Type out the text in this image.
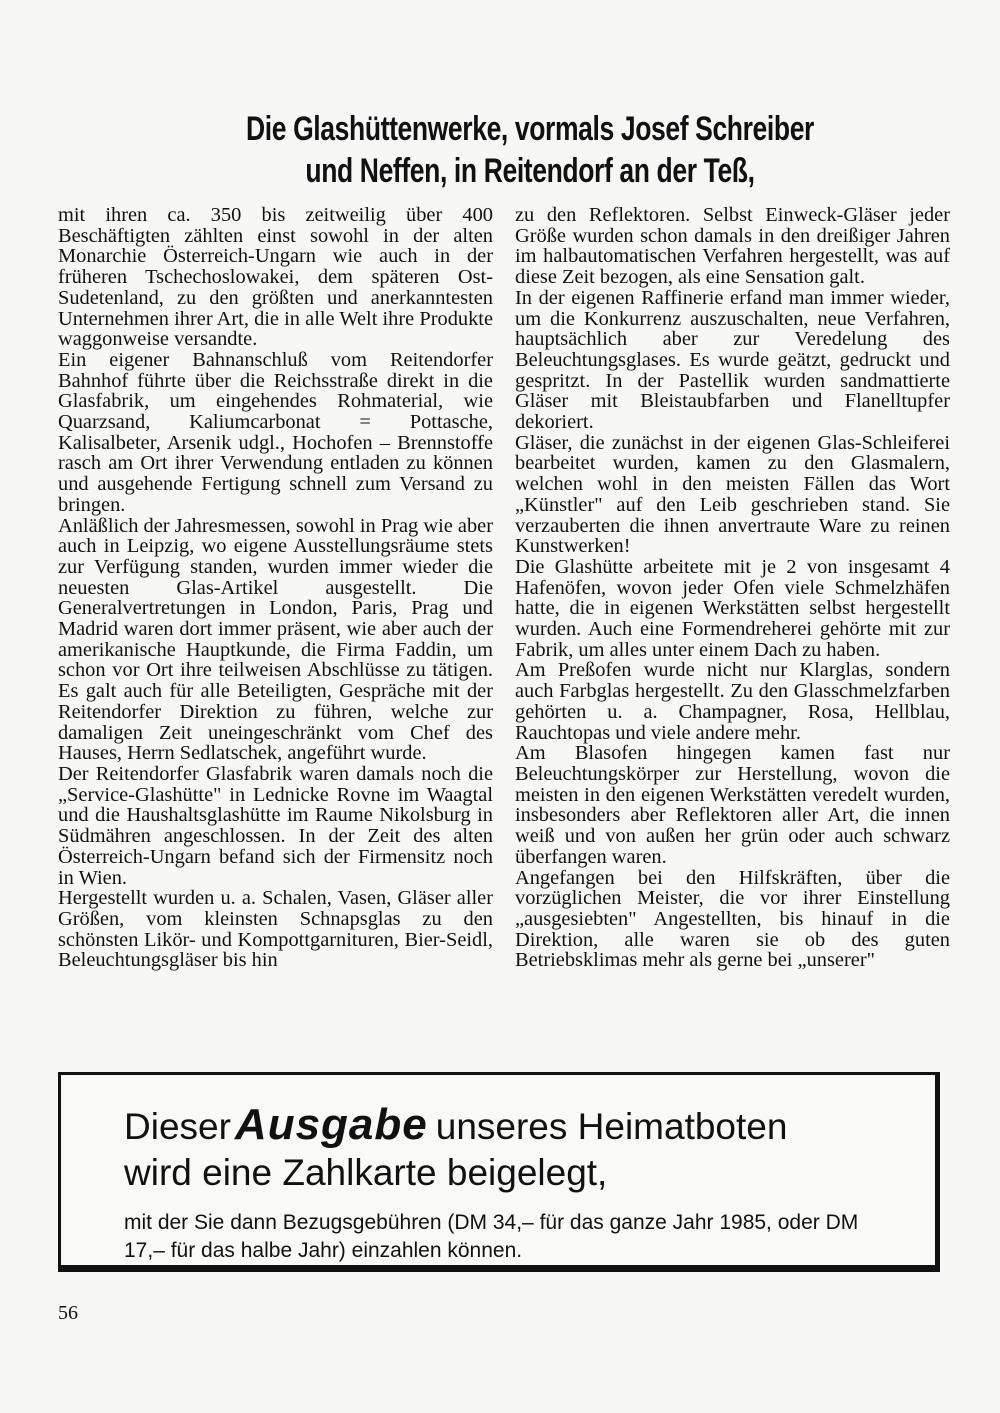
Die Glashüttenwerke, vormals Josef Schreiber
und Neffen, in Reitendorf an der Teß,

mit ihren ca. 350 bis zeitweilig über 400 Beschäftigten zählten einst sowohl in der alten Monarchie Österreich-Ungarn wie auch in der früheren Tschechoslowakei, dem späteren Ost-Sudetenland, zu den größten und anerkanntesten Unternehmen ihrer Art, die in alle Welt ihre Produkte waggonweise versandte.

Ein eigener Bahnanschluß vom Reitendorfer Bahnhof führte über die Reichsstraße direkt in die Glasfabrik, um eingehendes Rohmaterial, wie Quarzsand, Kaliumcarbonat = Pottasche, Kalisalbeter, Arsenik udgl., Hochofen – Brennstoffe rasch am Ort ihrer Verwendung entladen zu können und ausgehende Fertigung schnell zum Versand zu bringen.

Anläßlich der Jahresmessen, sowohl in Prag wie aber auch in Leipzig, wo eigene Ausstellungsräume stets zur Verfügung standen, wurden immer wieder die neuesten Glas-Artikel ausgestellt. Die Generalvertretungen in London, Paris, Prag und Madrid waren dort immer präsent, wie aber auch der amerikanische Hauptkunde, die Firma Faddin, um schon vor Ort ihre teilweisen Abschlüsse zu tätigen. Es galt auch für alle Beteiligten, Gespräche mit der Reitendorfer Direktion zu führen, welche zur damaligen Zeit uneingeschränkt vom Chef des Hauses, Herrn Sedlatschek, angeführt wurde.

Der Reitendorfer Glasfabrik waren damals noch die „Service-Glashütte" in Lednicke Rovne im Waagtal und die Haushaltsglashütte im Raume Nikolsburg in Südmähren angeschlossen. In der Zeit des alten Österreich-Ungarn befand sich der Firmensitz noch in Wien.

Hergestellt wurden u. a. Schalen, Vasen, Gläser aller Größen, vom kleinsten Schnapsglas zu den schönsten Likör- und Kompottgarnituren, Bier-Seidl, Beleuchtungsgläser bis hin

zu den Reflektoren. Selbst Einweck-Gläser jeder Größe wurden schon damals in den dreißiger Jahren im halbautomatischen Verfahren hergestellt, was auf diese Zeit bezogen, als eine Sensation galt.

In der eigenen Raffinerie erfand man immer wieder, um die Konkurrenz auszuschalten, neue Verfahren, hauptsächlich aber zur Veredelung des Beleuchtungsglases. Es wurde geätzt, gedruckt und gespritzt. In der Pastellik wurden sandmattierte Gläser mit Bleistaubfarben und Flanelltupfer dekoriert.

Gläser, die zunächst in der eigenen Glas-Schleiferei bearbeitet wurden, kamen zu den Glasmalern, welchen wohl in den meisten Fällen das Wort „Künstler" auf den Leib geschrieben stand. Sie verzauberten die ihnen anvertraute Ware zu reinen Kunstwerken!

Die Glashütte arbeitete mit je 2 von insgesamt 4 Hafenöfen, wovon jeder Ofen viele Schmelzhäfen hatte, die in eigenen Werkstätten selbst hergestellt wurden. Auch eine Formendreherei gehörte mit zur Fabrik, um alles unter einem Dach zu haben.

Am Preßofen wurde nicht nur Klarglas, sondern auch Farbglas hergestellt. Zu den Glasschmelzfarben gehörten u. a. Champagner, Rosa, Hellblau, Rauchtopas und viele andere mehr.

Am Blasofen hingegen kamen fast nur Beleuchtungskörper zur Herstellung, wovon die meisten in den eigenen Werkstätten veredelt wurden, insbesonders aber Reflektoren aller Art, die innen weiß und von außen her grün oder auch schwarz überfangen waren.

Angefangen bei den Hilfskräften, über die vorzüglichen Meister, die vor ihrer Einstellung „ausgesiebten" Angestellten, bis hinauf in die Direktion, alle waren sie ob des guten Betriebsklimas mehr als gerne bei „unserer"

DieserAusgabe unseres Heimatboten
wird eine Zahlkarte beigelegt,
mit der Sie dann Bezugsgebühren (DM 34,– für das ganze Jahr 1985, oder DM 17,– für das halbe Jahr) einzahlen können.
56
